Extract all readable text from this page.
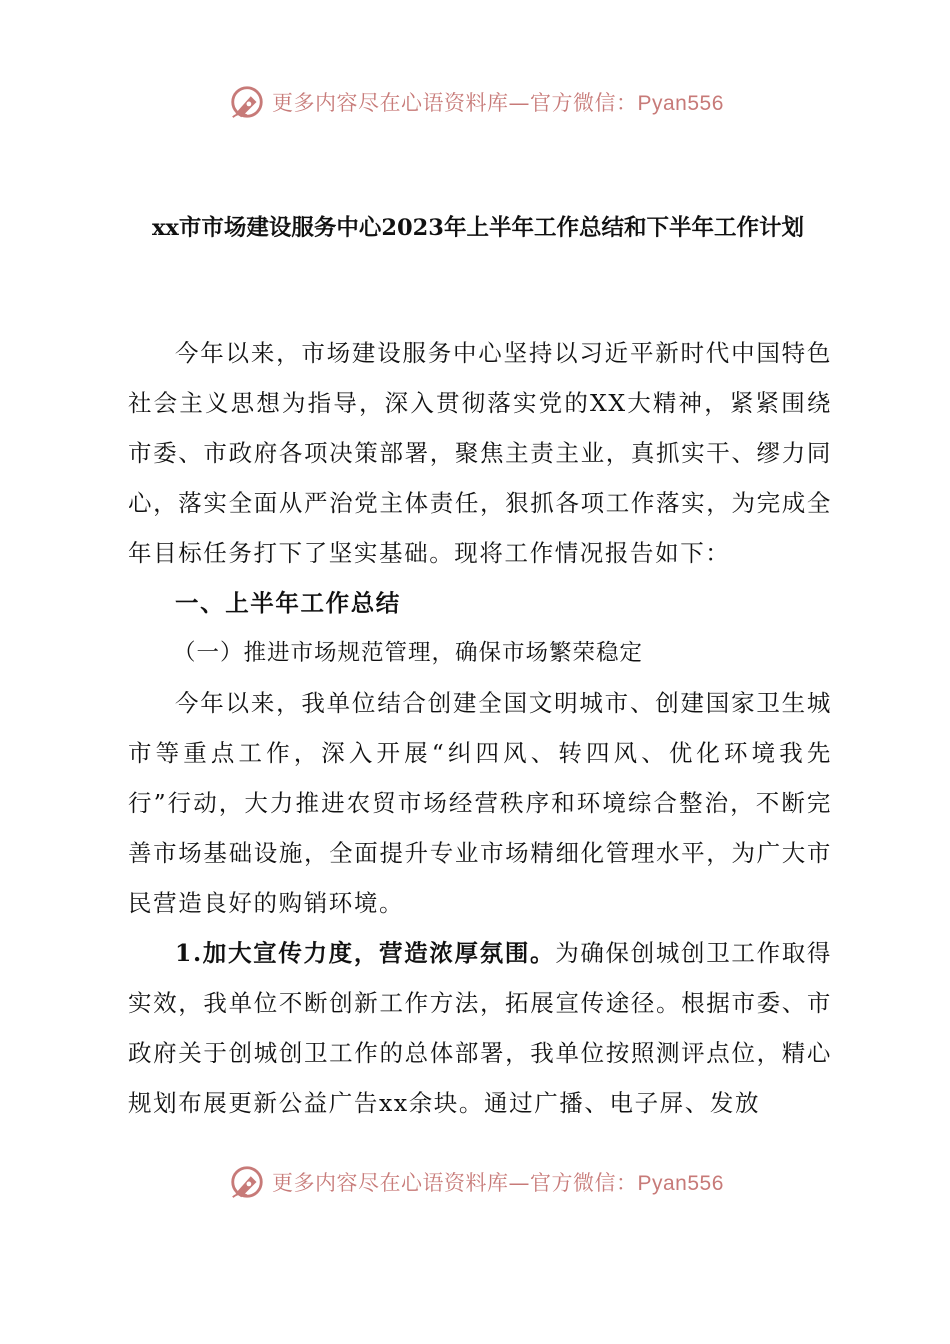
更多内容尽在心语资料库—官方微信：Pyan556
xx市市场建设服务中心2023年上半年工作总结和下半年工作计划

今年以来，市场建设服务中心坚持以习近平新时代中国特色社会主义思想为指导，深入贯彻落实党的XX大精神，紧紧围绕市委、市政府各项决策部署，聚焦主责主业，真抓实干、缪力同心，落实全面从严治党主体责任，狠抓各项工作落实，为完成全年目标任务打下了坚实基础。现将工作情况报告如下：

一、上半年工作总结

（一）推进市场规范管理，确保市场繁荣稳定

今年以来，我单位结合创建全国文明城市、创建国家卫生城市等重点工作，深入开展“纠四风、转四风、优化环境我先行”行动，大力推进农贸市场经营秩序和环境综合整治，不断完善市场基础设施，全面提升专业市场精细化管理水平，为广大市民营造良好的购销环境。

1.加大宣传力度，营造浓厚氛围。为确保创城创卫工作取得实效，我单位不断创新工作方法，拓展宣传途径。根据市委、市政府关于创城创卫工作的总体部署，我单位按照测评点位，精心规划布展更新公益广告xx余块。通过广播、电子屏、发放

更多内容尽在心语资料库—官方微信：Pyan556
